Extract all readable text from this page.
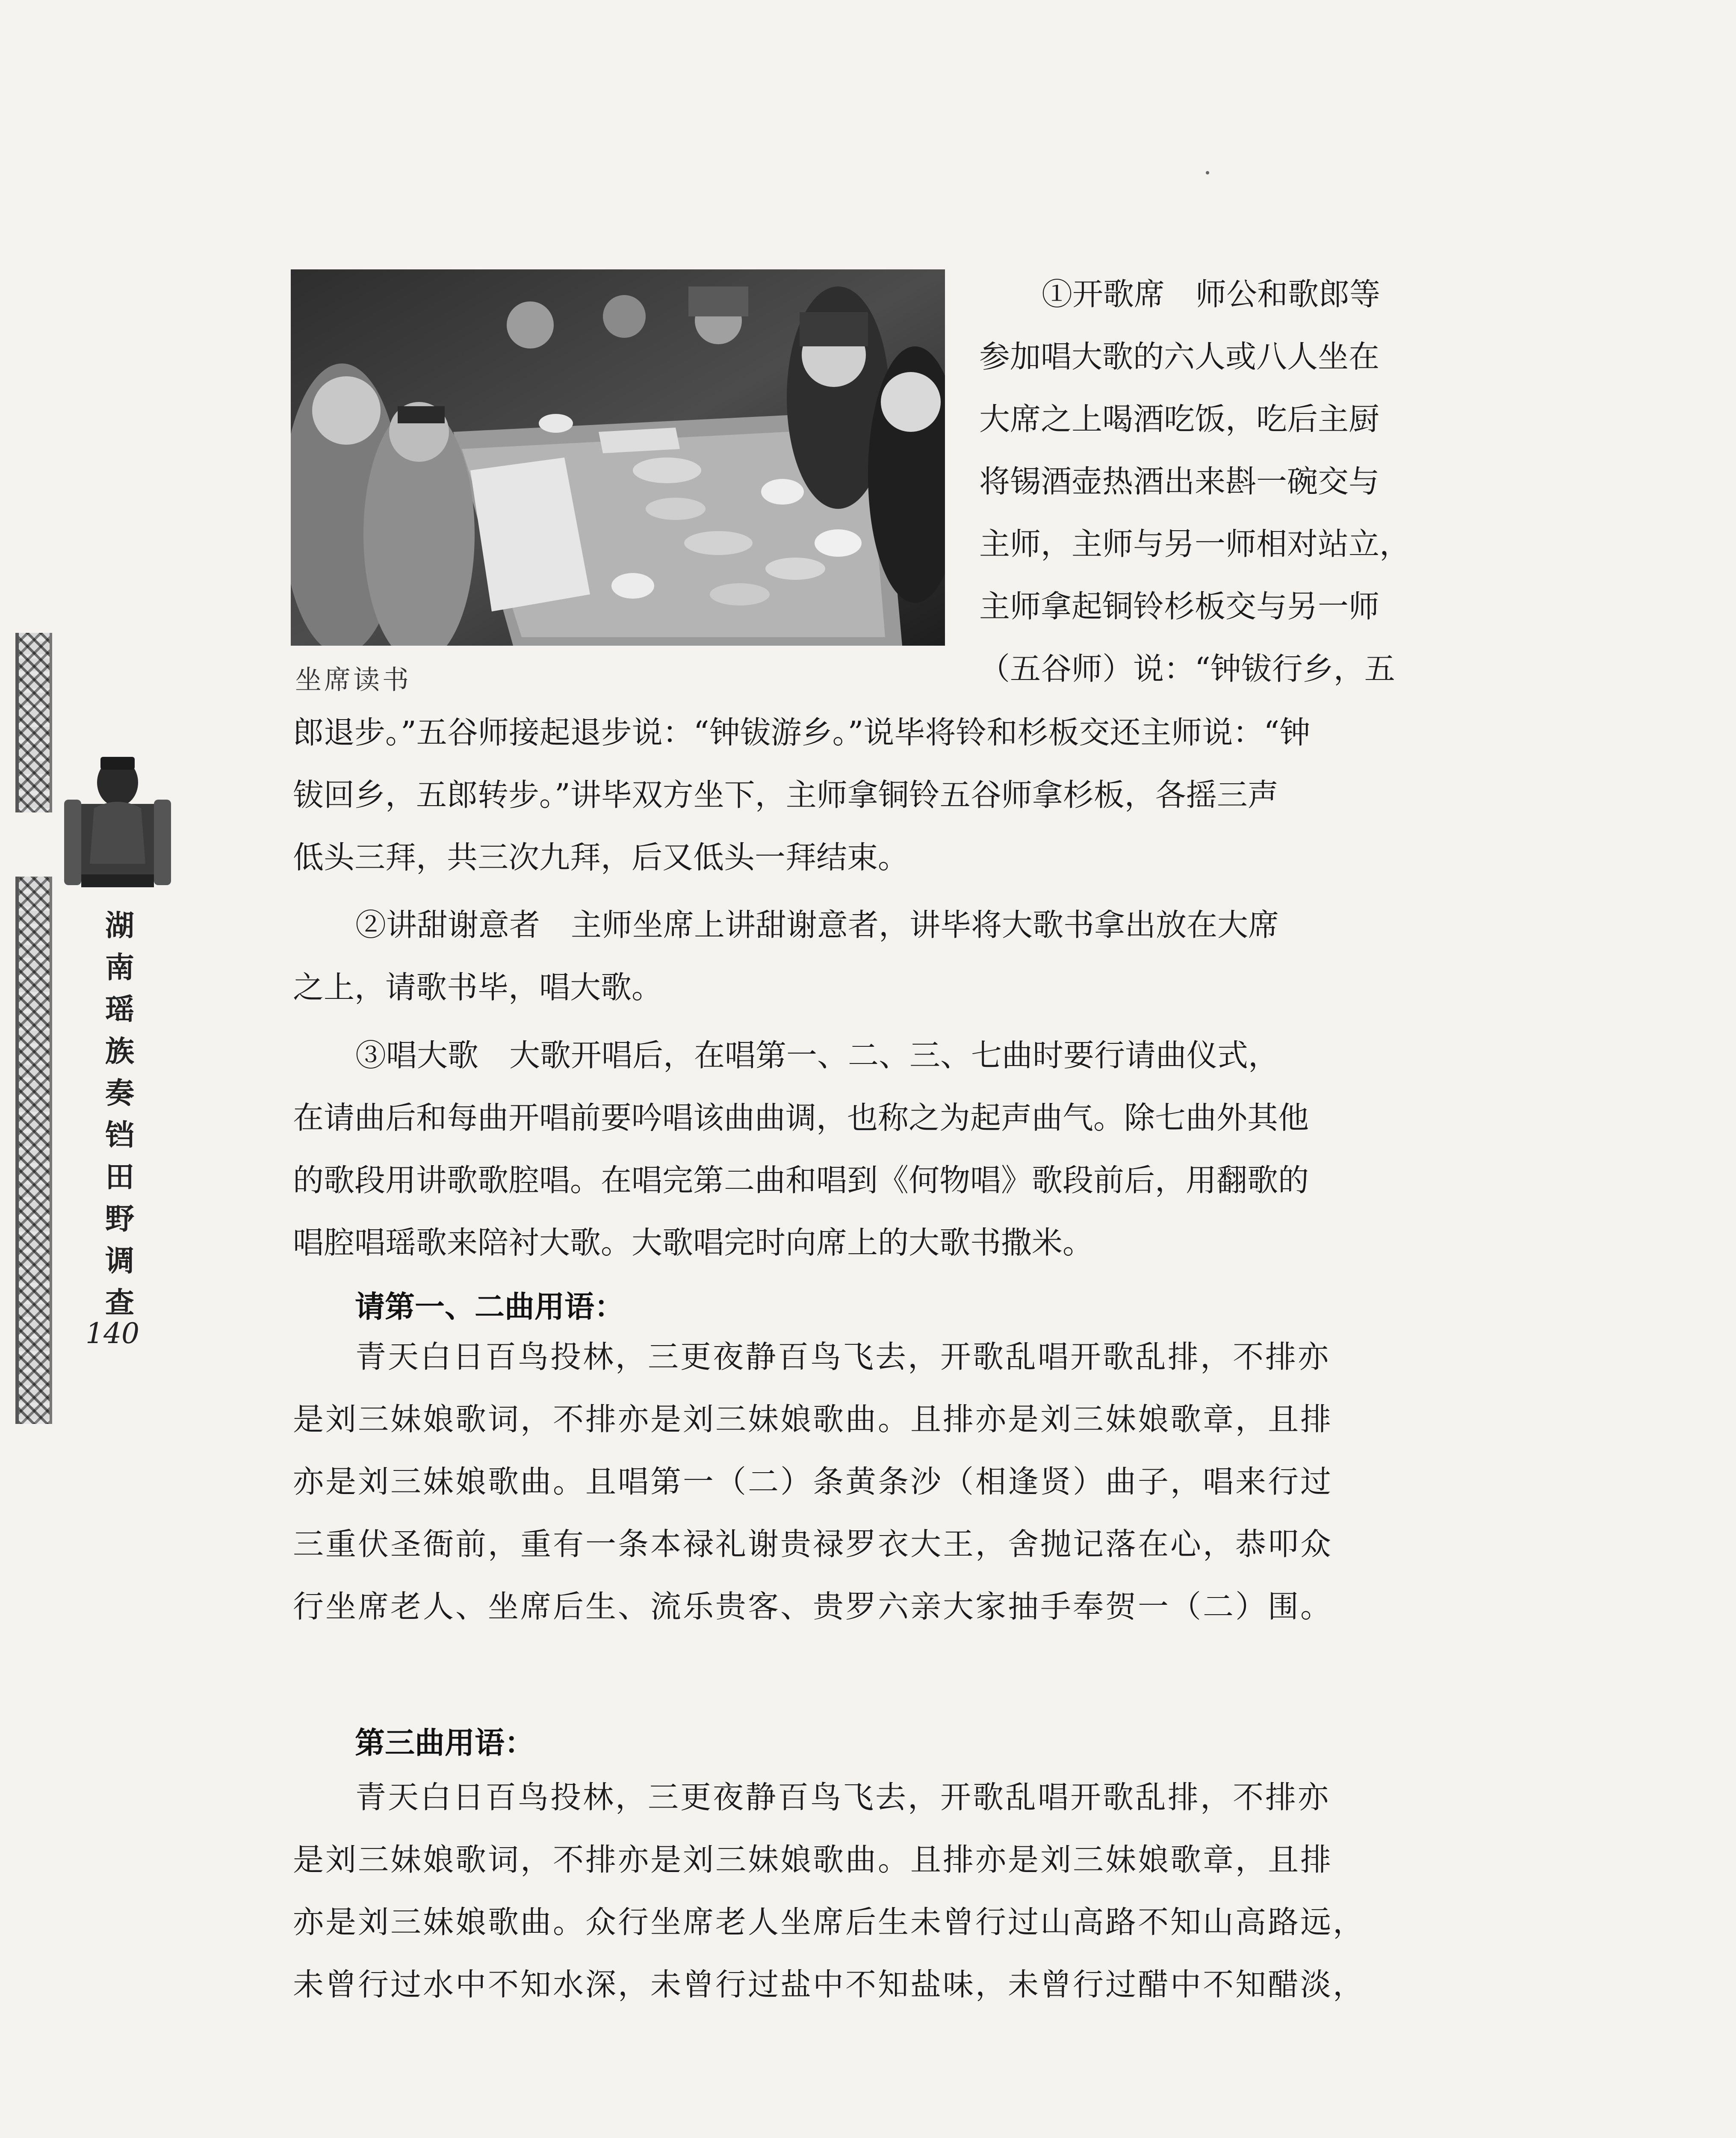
湖
南
瑶
族
奏
铛
田
野
调
查
140
坐席读书
①开歌席　师公和歌郎等
参加唱大歌的六人或八人坐在
大席之上喝酒吃饭，吃后主厨
将锡酒壶热酒出来斟一碗交与
主师，主师与另一师相对站立，
主师拿起铜铃杉板交与另一师
（五谷师）说：“钟钹行乡，五
郎退步。”五谷师接起退步说：“钟钹游乡。”说毕将铃和杉板交还主师说：“钟
钹回乡，五郎转步。”讲毕双方坐下，主师拿铜铃五谷师拿杉板，各摇三声
低头三拜，共三次九拜，后又低头一拜结束。
②讲甜谢意者　主师坐席上讲甜谢意者，讲毕将大歌书拿出放在大席
之上，请歌书毕，唱大歌。
③唱大歌　大歌开唱后，在唱第一、二、三、七曲时要行请曲仪式，
在请曲后和每曲开唱前要吟唱该曲曲调，也称之为起声曲气。除七曲外其他
的歌段用讲歌歌腔唱。在唱完第二曲和唱到《何物唱》歌段前后，用翻歌的
唱腔唱瑶歌来陪衬大歌。大歌唱完时向席上的大歌书撒米。
请第一、二曲用语：
青天白日百鸟投林，三更夜静百鸟飞去，开歌乱唱开歌乱排，不排亦
是刘三妹娘歌词，不排亦是刘三妹娘歌曲。且排亦是刘三妹娘歌章，且排
亦是刘三妹娘歌曲。且唱第一（二）条黄条沙（相逢贤）曲子，唱来行过
三重伏圣衙前，重有一条本禄礼谢贵禄罗衣大王，舍抛记落在心，恭叩众
行坐席老人、坐席后生、流乐贵客、贵罗六亲大家抽手奉贺一（二）围。
第三曲用语：
青天白日百鸟投林，三更夜静百鸟飞去，开歌乱唱开歌乱排，不排亦
是刘三妹娘歌词，不排亦是刘三妹娘歌曲。且排亦是刘三妹娘歌章，且排
亦是刘三妹娘歌曲。众行坐席老人坐席后生未曾行过山高路不知山高路远，
未曾行过水中不知水深，未曾行过盐中不知盐味，未曾行过醋中不知醋淡，
